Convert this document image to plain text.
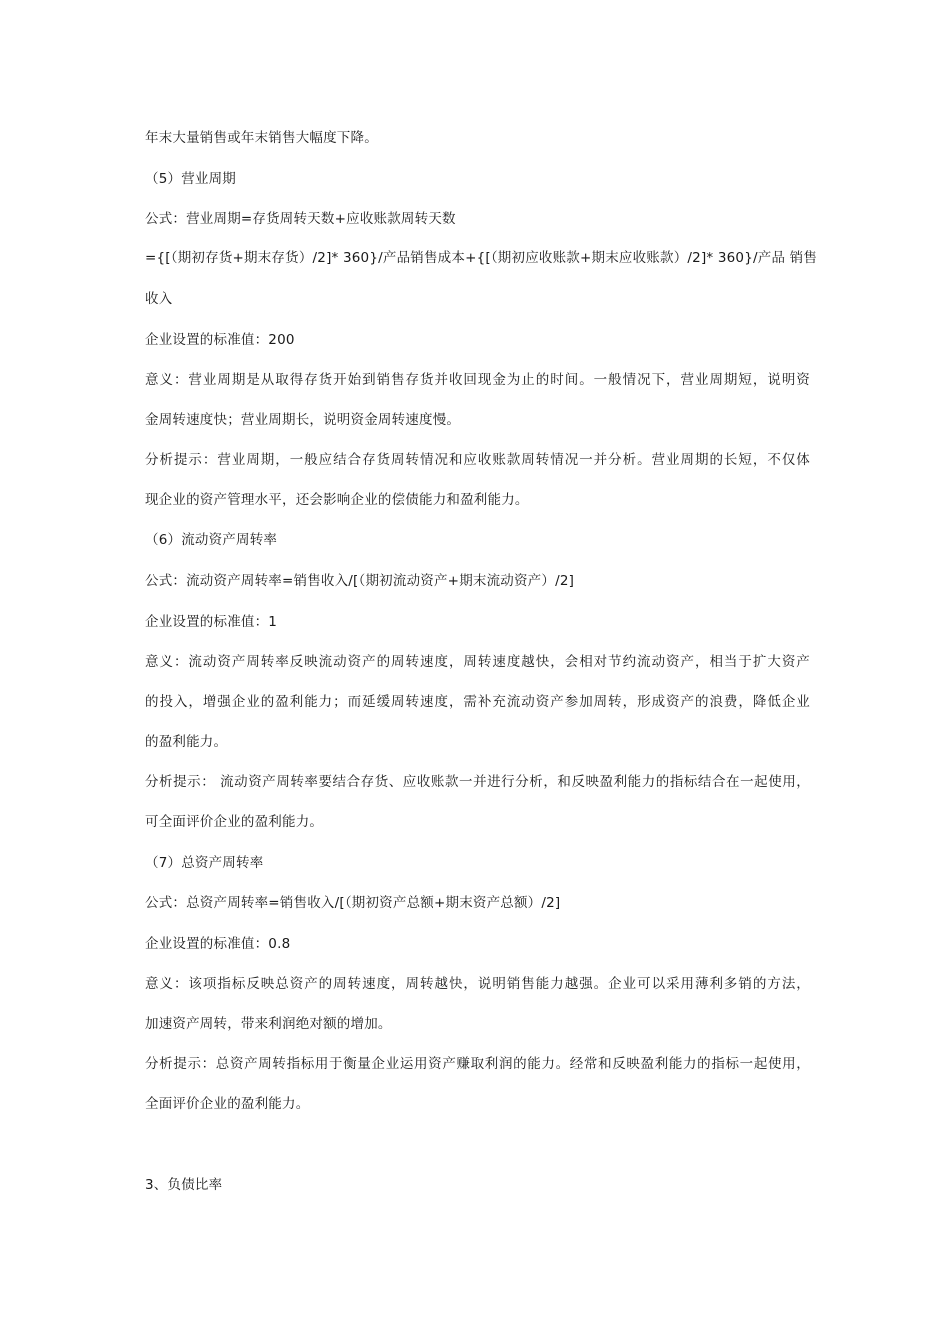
年末大量销售或年末销售大幅度下降。
（5）营业周期
公式：营业周期=存货周转天数+应收账款周转天数
={[（期初存货+期末存货）/2]* 360}/产品销售成本+{[（期初应收账款+期末应收账款）/2]* 360}/产品 销售
收入
企业设置的标准值：200
意义：营业周期是从取得存货开始到销售存货并收回现金为止的时间。一般情况下，营业周期短，说明资
金周转速度快；营业周期长，说明资金周转速度慢。
分析提示：营业周期，一般应结合存货周转情况和应收账款周转情况一并分析。营业周期的长短，不仅体
现企业的资产管理水平，还会影响企业的偿债能力和盈利能力。
（6）流动资产周转率
公式：流动资产周转率=销售收入/[（期初流动资产+期末流动资产）/2]
企业设置的标准值：1
意义：流动资产周转率反映流动资产的周转速度，周转速度越快，会相对节约流动资产，相当于扩大资产
的投入，增强企业的盈利能力；而延缓周转速度，需补充流动资产参加周转，形成资产的浪费，降低企业
的盈利能力。
分析提示： 流动资产周转率要结合存货、应收账款一并进行分析，和反映盈利能力的指标结合在一起使用，
可全面评价企业的盈利能力。
（7）总资产周转率
公式：总资产周转率=销售收入/[（期初资产总额+期末资产总额）/2]
企业设置的标准值：0.8
意义：该项指标反映总资产的周转速度，周转越快，说明销售能力越强。企业可以采用薄利多销的方法，
加速资产周转，带来利润绝对额的增加。
分析提示：总资产周转指标用于衡量企业运用资产赚取利润的能力。经常和反映盈利能力的指标一起使用，
全面评价企业的盈利能力。
3、负债比率
